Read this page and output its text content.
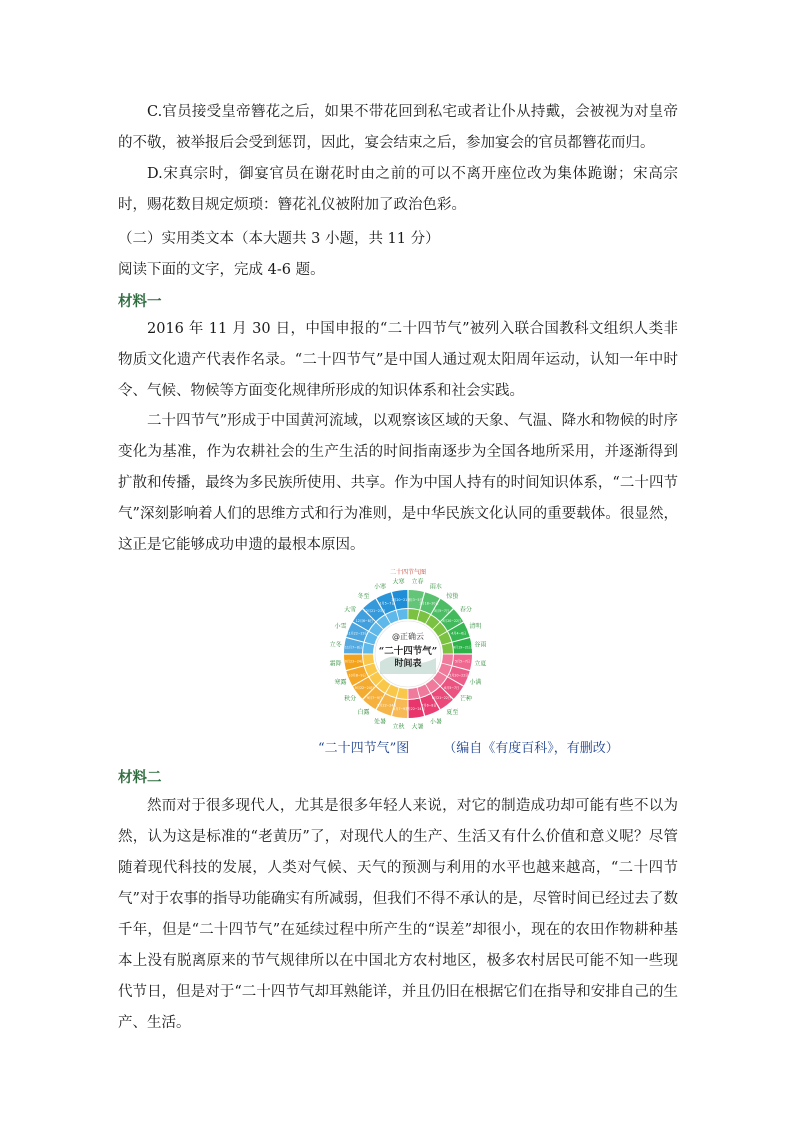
C.官员接受皇帝簪花之后，如果不带花回到私宅或者让仆从持戴，会被视为对皇帝的不敬，被举报后会受到惩罚，因此，宴会结束之后，参加宴会的官员都簪花而归。

D.宋真宗时，御宴官员在谢花时由之前的可以不离开座位改为集体跪谢；宋高宗时，赐花数目规定烦琐：簪花礼仪被附加了政治色彩。

（二）实用类文本（本大题共 3 小题，共 11 分）

阅读下面的文字，完成 4-6 题。

材料一

2016 年 11 月 30 日，中国申报的“二十四节气”被列入联合国教科文组织人类非物质文化遗产代表作名录。“二十四节气”是中国人通过观太阳周年运动，认知一年中时令、气候、物候等方面变化规律所形成的知识体系和社会实践。

二十四节气”形成于中国黄河流域，以观察该区域的天象、气温、降水和物候的时序变化为基准，作为农耕社会的生产生活的时间指南逐步为全国各地所采用，并逐渐得到扩散和传播，最终为多民族所使用、共享。作为中国人持有的时间知识体系，“二十四节气”深刻影响着人们的思维方式和行为准则，是中华民族文化认同的重要载体。很显然，这正是它能够成功申遗的最根本原因。

二十四节气图
立春
雨水
惊蛰
春分
清明
谷雨
立夏
小满
芒种
夏至
小暑
大暑
立秋
处暑
白露
秋分
寒露
霜降
立冬
小雪
大雪
冬至
小寒
大寒
2月3~5日
2月18~20日
3月5~7日
3月20~22日
4月4~6日
4月19~21日
5月5~7日
5月20~22日
6月5~7日
6月21~22日
7月6~8日
7月22~24日
8月7~9日
8月22~24日
9月7~9日
9月22~24日
10月8~9日
10月23~24日
11月7~8日
11月22~23日
12月6~8日
12月21~23日
1月5~7日
1月20~21日
@正确云
“二十四节气”
时间表
“二十四节气”图	（编自《有度百科》，有删改）
材料二

然而对于很多现代人，尤其是很多年轻人来说，对它的制造成功却可能有些不以为然，认为这是标准的“老黄历”了，对现代人的生产、生活又有什么价值和意义呢？尽管随着现代科技的发展，人类对气候、天气的预测与利用的水平也越来越高，“二十四节气”对于农事的指导功能确实有所减弱，但我们不得不承认的是，尽管时间已经过去了数千年，但是“二十四节气”在延续过程中所产生的“误差”却很小，现在的农田作物耕种基本上没有脱离原来的节气规律所以在中国北方农村地区，极多农村居民可能不知一些现代节日，但是对于“二十四节气却耳熟能详，并且仍旧在根据它们在指导和安排自己的生产、生活。
